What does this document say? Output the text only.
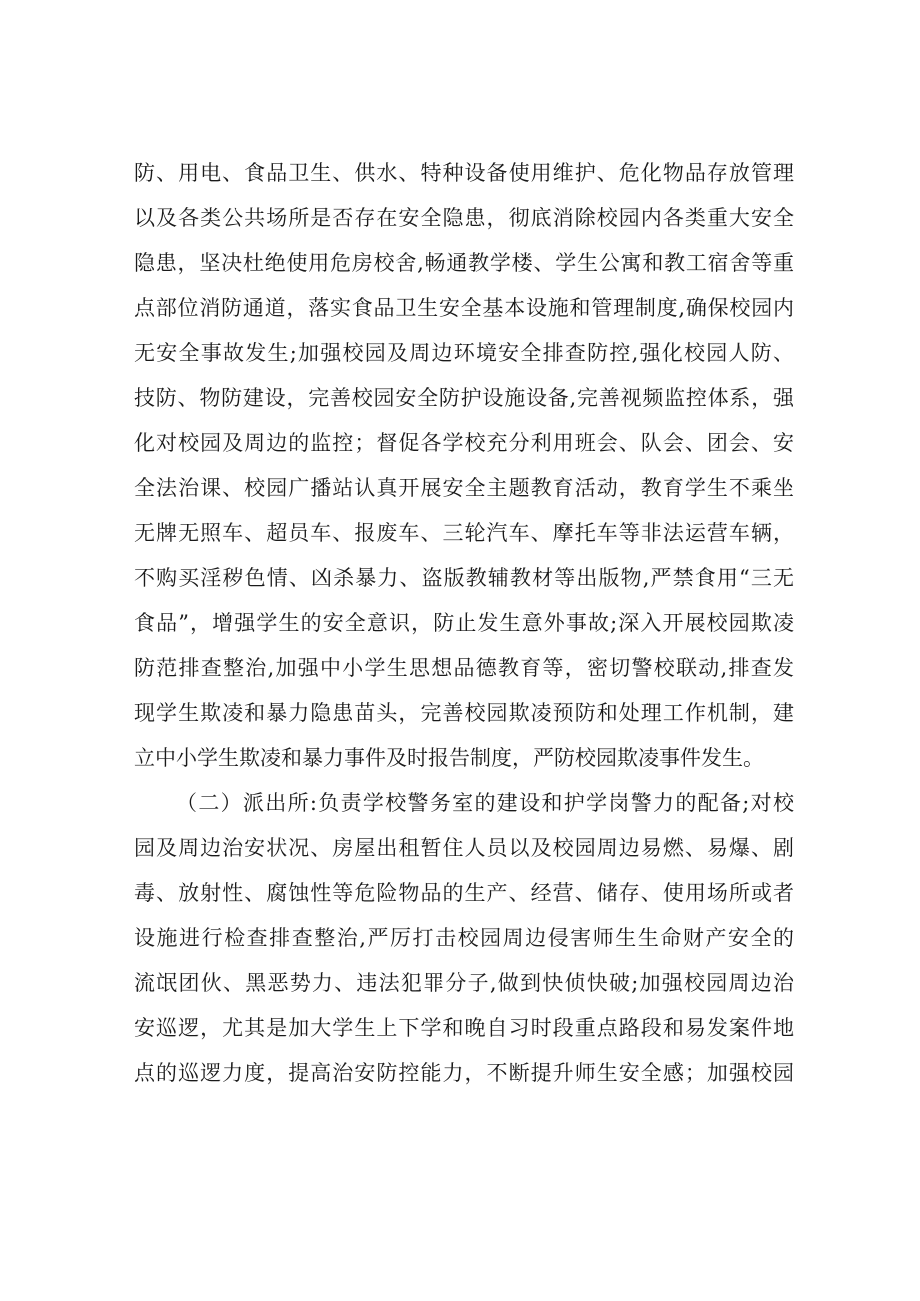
防、用电、食品卫生、供水、特种设备使用维护、危化物品存放管理
以及各类公共场所是否存在安全隐患，彻底消除校园内各类重大安全
隐患，坚决杜绝使用危房校舍,畅通教学楼、学生公寓和教工宿舍等重
点部位消防通道，落实食品卫生安全基本设施和管理制度,确保校园内
无安全事故发生;加强校园及周边环境安全排查防控,强化校园人防、
技防、物防建设，完善校园安全防护设施设备,完善视频监控体系，强
化对校园及周边的监控；督促各学校充分利用班会、队会、团会、安
全法治课、校园广播站认真开展安全主题教育活动，教育学生不乘坐
无牌无照车、超员车、报废车、三轮汽车、摩托车等非法运营车辆，
不购买淫秽色情、凶杀暴力、盗版教辅教材等出版物,严禁食用“三无
食品”，增强学生的安全意识，防止发生意外事故;深入开展校园欺凌
防范排查整治,加强中小学生思想品德教育等，密切警校联动,排查发
现学生欺凌和暴力隐患苗头，完善校园欺凌预防和处理工作机制，建
立中小学生欺凌和暴力事件及时报告制度，严防校园欺凌事件发生。
（二）派出所:负责学校警务室的建设和护学岗警力的配备;对校
园及周边治安状况、房屋出租暂住人员以及校园周边易燃、易爆、剧
毒、放射性、腐蚀性等危险物品的生产、经营、储存、使用场所或者
设施进行检查排查整治,严厉打击校园周边侵害师生生命财产安全的
流氓团伙、黑恶势力、违法犯罪分子,做到快侦快破;加强校园周边治
安巡逻，尤其是加大学生上下学和晚自习时段重点路段和易发案件地
点的巡逻力度，提高治安防控能力，不断提升师生安全感；加强校园
